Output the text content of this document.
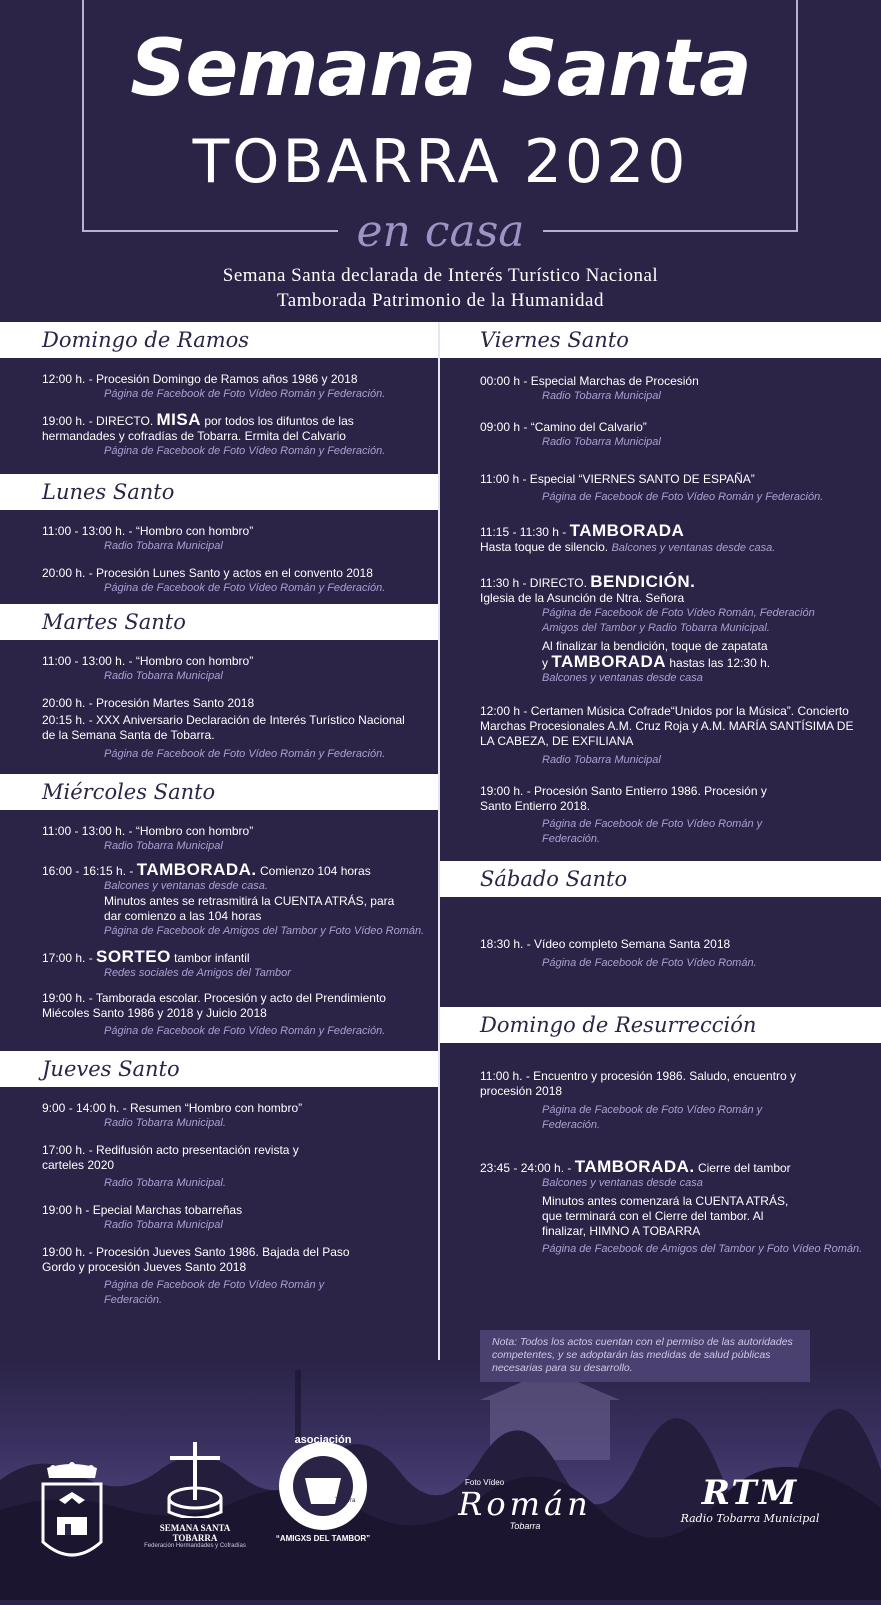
Semana Santa
TOBARRA 2020
en casa
Semana Santa declarada de Interés Turístico Nacional
Tamborada Patrimonio de la Humanidad
Domingo de Ramos
12:00 h. - Procesión Domingo de Ramos años 1986 y 2018
Página de Facebook de Foto Vídeo Román y Federación.
19:00 h. - DIRECTO. MISA por todos los difuntos de las hermandades y cofradías de Tobarra. Ermita del Calvario
Página de Facebook de Foto Vídeo Román y Federación.
Lunes Santo
11:00 - 13:00 h. - “Hombro con hombro”
Radio Tobarra Municipal
20:00 h. - Procesión Lunes Santo y actos en el convento 2018
Página de Facebook de Foto Vídeo Román y Federación.
Martes Santo
11:00 - 13:00 h. - “Hombro con hombro”
Radio Tobarra Municipal
20:00 h. - Procesión Martes Santo 2018
20:15 h. - XXX Aniversario Declaración de Interés Turístico Nacional de la Semana Santa de Tobarra.
Página de Facebook de Foto Vídeo Román y Federación.
Miércoles Santo
11:00 - 13:00 h. - “Hombro con hombro”
Radio Tobarra Municipal
16:00 - 16:15 h. - TAMBORADA. Comienzo 104 horas
Balcones y ventanas desde casa.
Minutos antes se retrasmitirá la CUENTA ATRÁS, para dar comienzo a las 104 horas
Página de Facebook de Amigos del Tambor y Foto Vídeo Román.
17:00 h. - SORTEO tambor infantil
Redes sociales de Amigos del Tambor
19:00 h. - Tamborada escolar. Procesión y acto del Prendimiento Miécoles Santo 1986 y 2018 y Juicio 2018
Página de Facebook de Foto Vídeo Román y Federación.
Jueves Santo
9:00 - 14:00 h. - Resumen “Hombro con hombro”
Radio Tobarra Municipal.
17:00 h. - Redifusión acto presentación revista y carteles 2020
Radio Tobarra Municipal.
19:00 h - Epecial Marchas tobarreñas
Radio Tobarra Municipal
19:00 h. - Procesión Jueves Santo 1986. Bajada del Paso Gordo y procesión Jueves Santo 2018
Página de Facebook de Foto Vídeo Román y Federación.
Viernes Santo
00:00 h - Especial Marchas de Procesión
Radio Tobarra Municipal
09:00 h - “Camino del Calvario”
Radio Tobarra Municipal
11:00 h - Especial “VIERNES SANTO DE ESPAÑA”
Página de Facebook de Foto Vídeo Román y Federación.
11:15 - 11:30 h - TAMBORADA
Hasta toque de silencio. Balcones y ventanas desde casa.
11:30 h - DIRECTO. BENDICIÓN.
Iglesia de la Asunción de Ntra. Señora
Página de Facebook de Foto Vídeo Román, Federación Amigos del Tambor y Radio Tobarra Municipal.
Al finalizar la bendición, toque de zapatata
y TAMBORADA hastas las 12:30 h.
Balcones y ventanas desde casa
12:00 h - Certamen Música Cofrade“Unidos por la Música”. Concierto Marchas Procesionales A.M. Cruz Roja y A.M. MARÍA SANTÍSIMA DE LA CABEZA, DE EXFILIANA
Radio Tobarra Municipal
19:00 h. - Procesión Santo Entierro 1986. Procesión y Santo Entierro 2018.
Página de Facebook de Foto Vídeo Román y Federación.
Sábado Santo
18:30 h. - Vídeo completo Semana Santa 2018
Página de Facebook de Foto Vídeo Román.
Domingo de Resurrección
11:00 h. - Encuentro y procesión 1986. Saludo, encuentro y procesión 2018
Página de Facebook de Foto Vídeo Román y Federación.
23:45 - 24:00 h. - TAMBORADA. Cierre del tambor
Balcones y ventanas desde casa
Minutos antes comenzará la CUENTA ATRÁS, que terminará con el Cierre del tambor. Al finalizar, HIMNO A TOBARRA
Página de Facebook de Amigos del Tambor y Foto Vídeo Román.
Nota: Todos los actos cuentan con el permiso de las autoridades competentes, y se adoptarán las medidas de salud públicas necesarias para su desarrollo.
SEMANA SANTA TOBARRA
Federación Hermandades y Cofradías
asociación
“AMIGXS DEL TAMBOR”
Tobarra
Foto Vídeo
Román
Tobarra
RTM
Radio Tobarra Municipal
